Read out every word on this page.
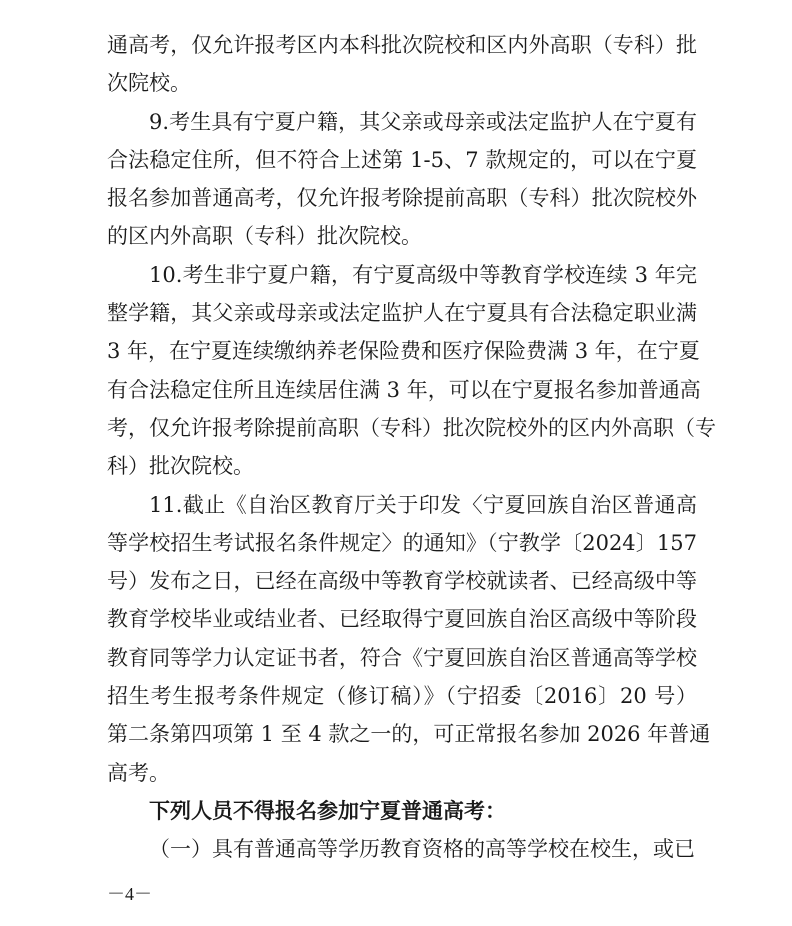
通高考，仅允许报考区内本科批次院校和区内外高职（专科）批
次院校。
9.考生具有宁夏户籍，其父亲或母亲或法定监护人在宁夏有
合法稳定住所，但不符合上述第 1-5、7 款规定的，可以在宁夏
报名参加普通高考，仅允许报考除提前高职（专科）批次院校外
的区内外高职（专科）批次院校。
10.考生非宁夏户籍，有宁夏高级中等教育学校连续 3 年完
整学籍，其父亲或母亲或法定监护人在宁夏具有合法稳定职业满
3 年，在宁夏连续缴纳养老保险费和医疗保险费满 3 年，在宁夏
有合法稳定住所且连续居住满 3 年，可以在宁夏报名参加普通高
考，仅允许报考除提前高职（专科）批次院校外的区内外高职（专
科）批次院校。
11.截止《自治区教育厅关于印发〈宁夏回族自治区普通高
等学校招生考试报名条件规定〉的通知》（宁教学〔2024〕157
号）发布之日，已经在高级中等教育学校就读者、已经高级中等
教育学校毕业或结业者、已经取得宁夏回族自治区高级中等阶段
教育同等学力认定证书者，符合《宁夏回族自治区普通高等学校
招生考生报考条件规定（修订稿）》（宁招委〔2016〕20 号）
第二条第四项第 1 至 4 款之一的，可正常报名参加 2026 年普通
高考。
下列人员不得报名参加宁夏普通高考：
（一）具有普通高等学历教育资格的高等学校在校生，或已
－4－
